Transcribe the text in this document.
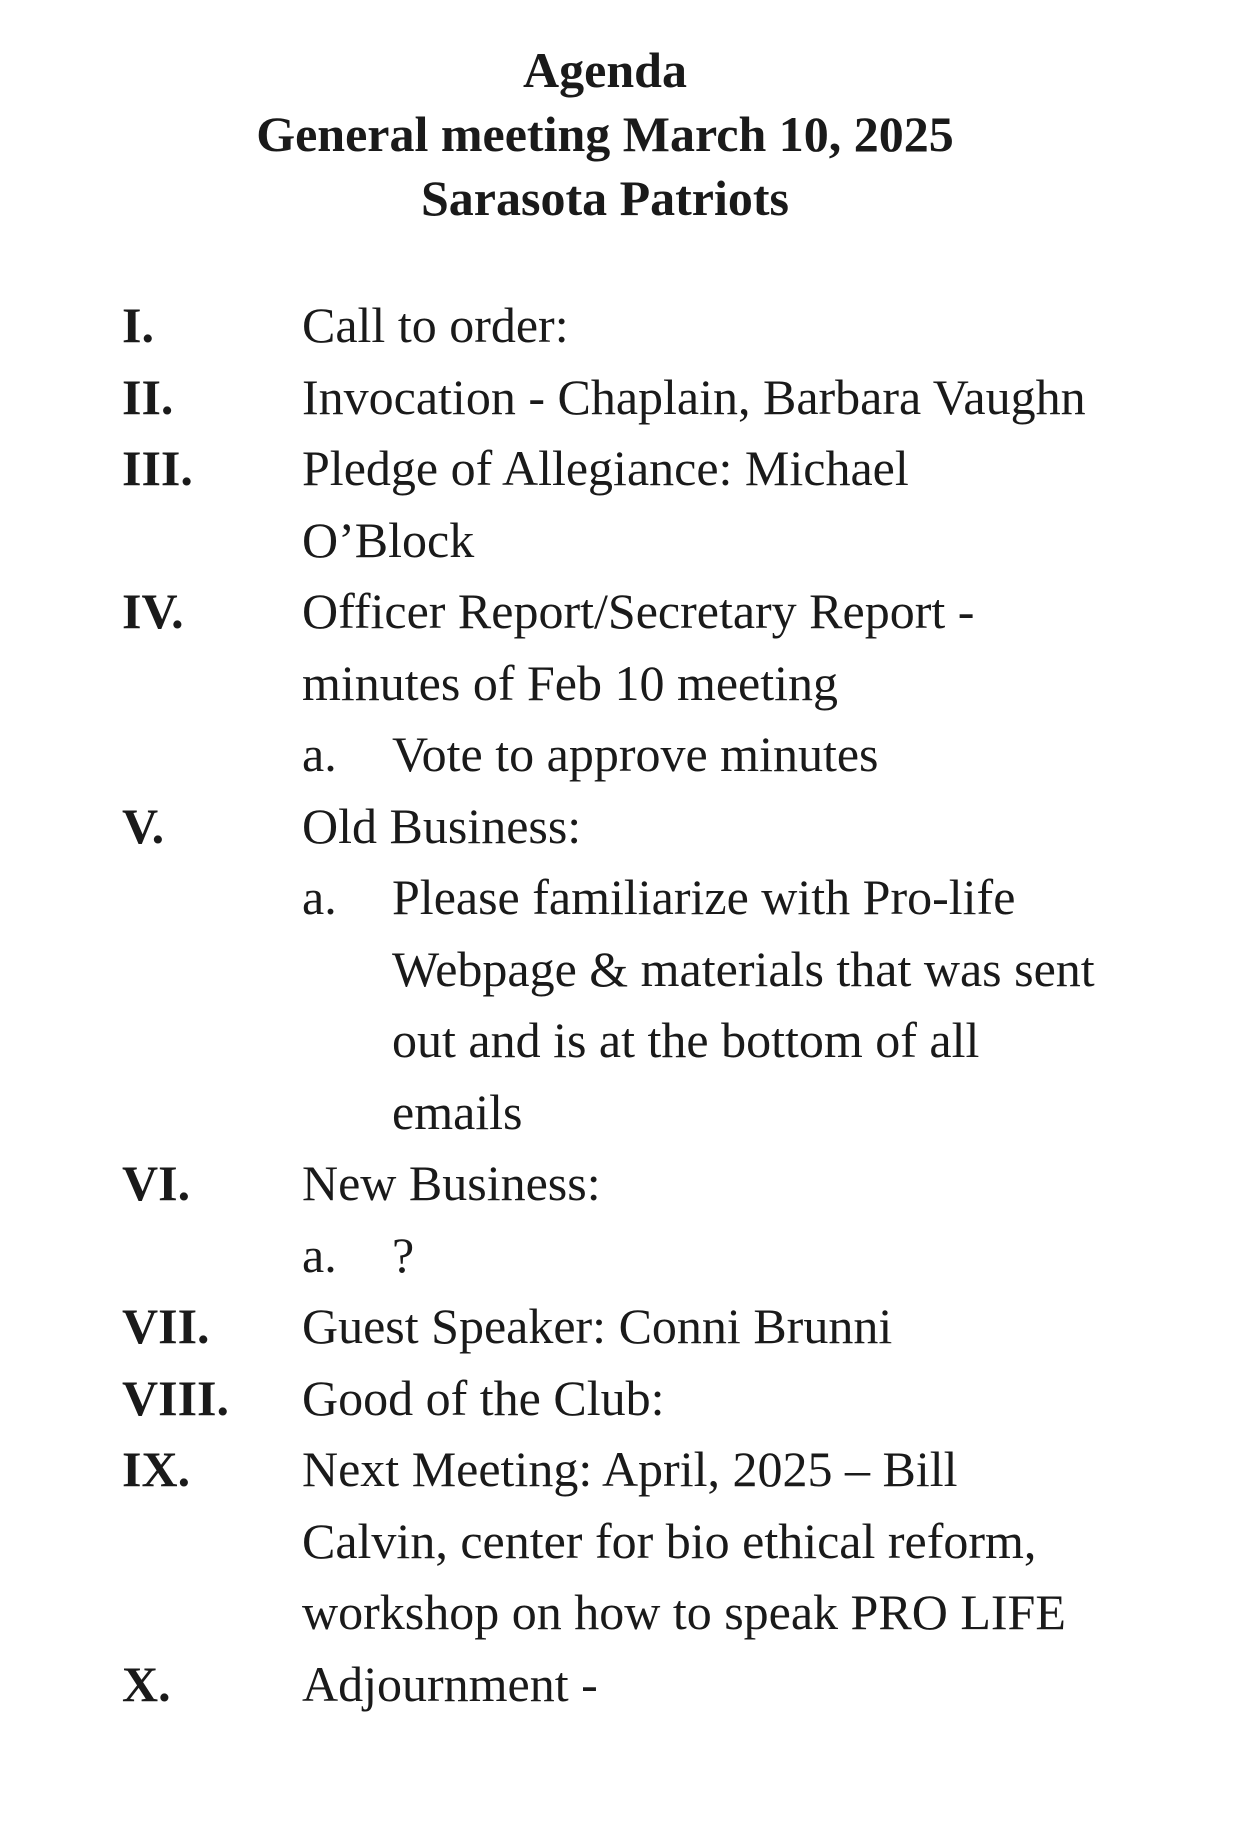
Agenda
General meeting March 10, 2025
Sarasota Patriots
I.	Call to order:
II.	Invocation - Chaplain, Barbara Vaughn
III.	Pledge of Allegiance: Michael
O’Block
IV.	Officer Report/Secretary Report -
minutes of Feb 10 meeting
a.	Vote to approve minutes
V.	Old Business:
a.	Please familiarize with Pro-life
Webpage & materials that was sent
out and is at the bottom of all
emails
VI.	New Business:
a.	?
VII.	Guest Speaker: Conni Brunni
VIII.	Good of the Club:
IX.	Next Meeting: April, 2025 – Bill
Calvin, center for bio ethical reform,
workshop on how to speak PRO LIFE
X.	Adjournment -
